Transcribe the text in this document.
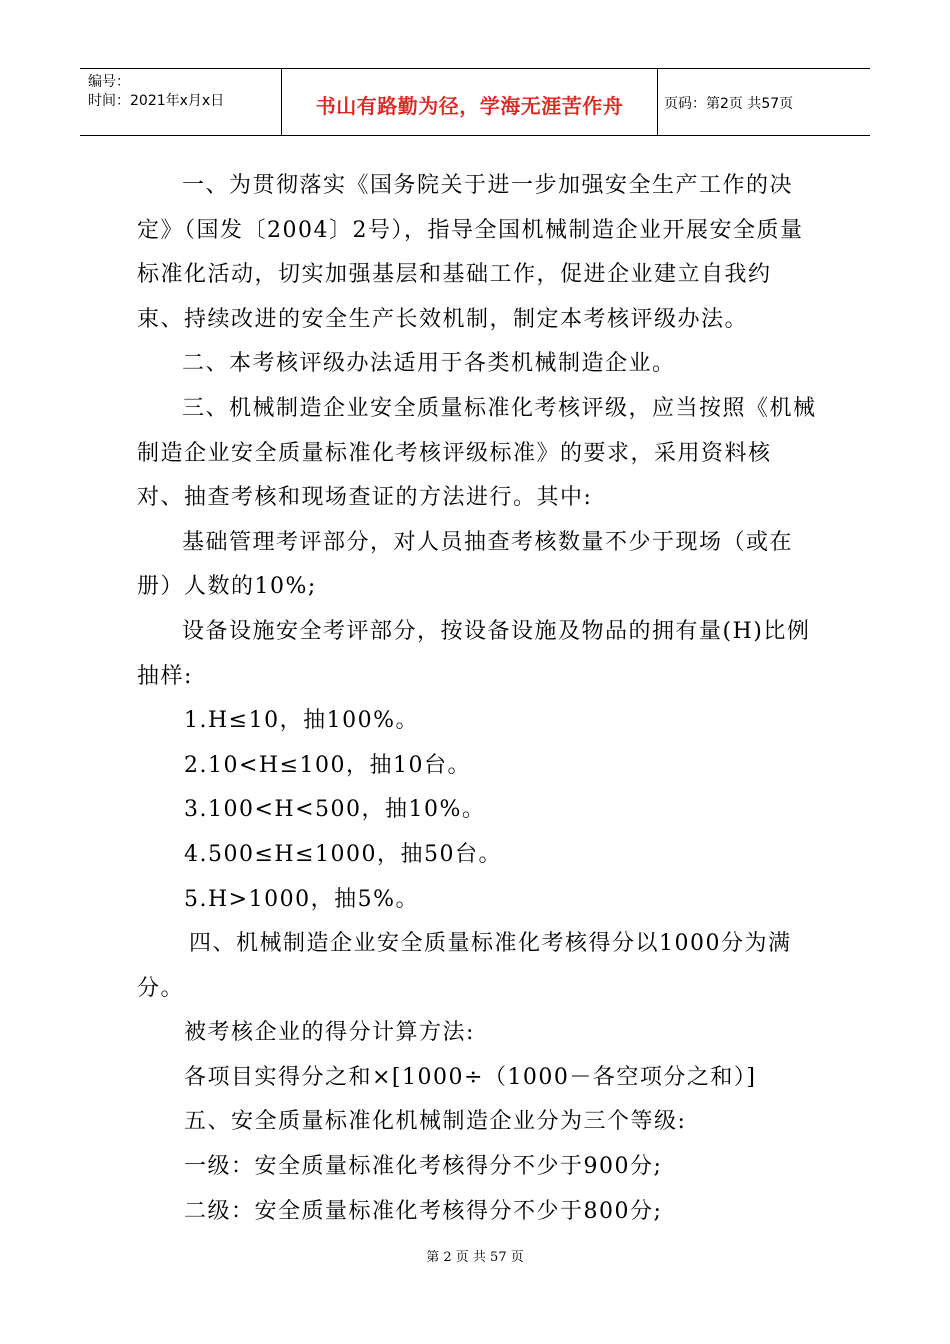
编号：
时间：2021年x月x日	书山有路勤为径，学海无涯苦作舟	页码：第2页 共57页

一、为贯彻落实《国务院关于进一步加强安全生产工作的决定》（国发〔2004〕2号），指导全国机械制造企业开展安全质量标准化活动，切实加强基层和基础工作，促进企业建立自我约束、持续改进的安全生产长效机制，制定本考核评级办法。

二、本考核评级办法适用于各类机械制造企业。

三、机械制造企业安全质量标准化考核评级，应当按照《机械制造企业安全质量标准化考核评级标准》的要求，采用资料核对、抽查考核和现场查证的方法进行。其中:

基础管理考评部分，对人员抽查考核数量不少于现场（或在册）人数的10%;

设备设施安全考评部分，按设备设施及物品的拥有量(H)比例抽样:

1.H≤10，抽100%。

2.10<H≤100，抽10台。

3.100<H<500，抽10%。

4.500≤H≤1000，抽50台。

5.H>1000，抽5%。

四、机械制造企业安全质量标准化考核得分以1000分为满分。

被考核企业的得分计算方法:

各项目实得分之和×[1000÷（1000－各空项分之和）]

五、安全质量标准化机械制造企业分为三个等级:

一级：安全质量标准化考核得分不少于900分;

二级：安全质量标准化考核得分不少于800分;

第 2 页 共 57 页
